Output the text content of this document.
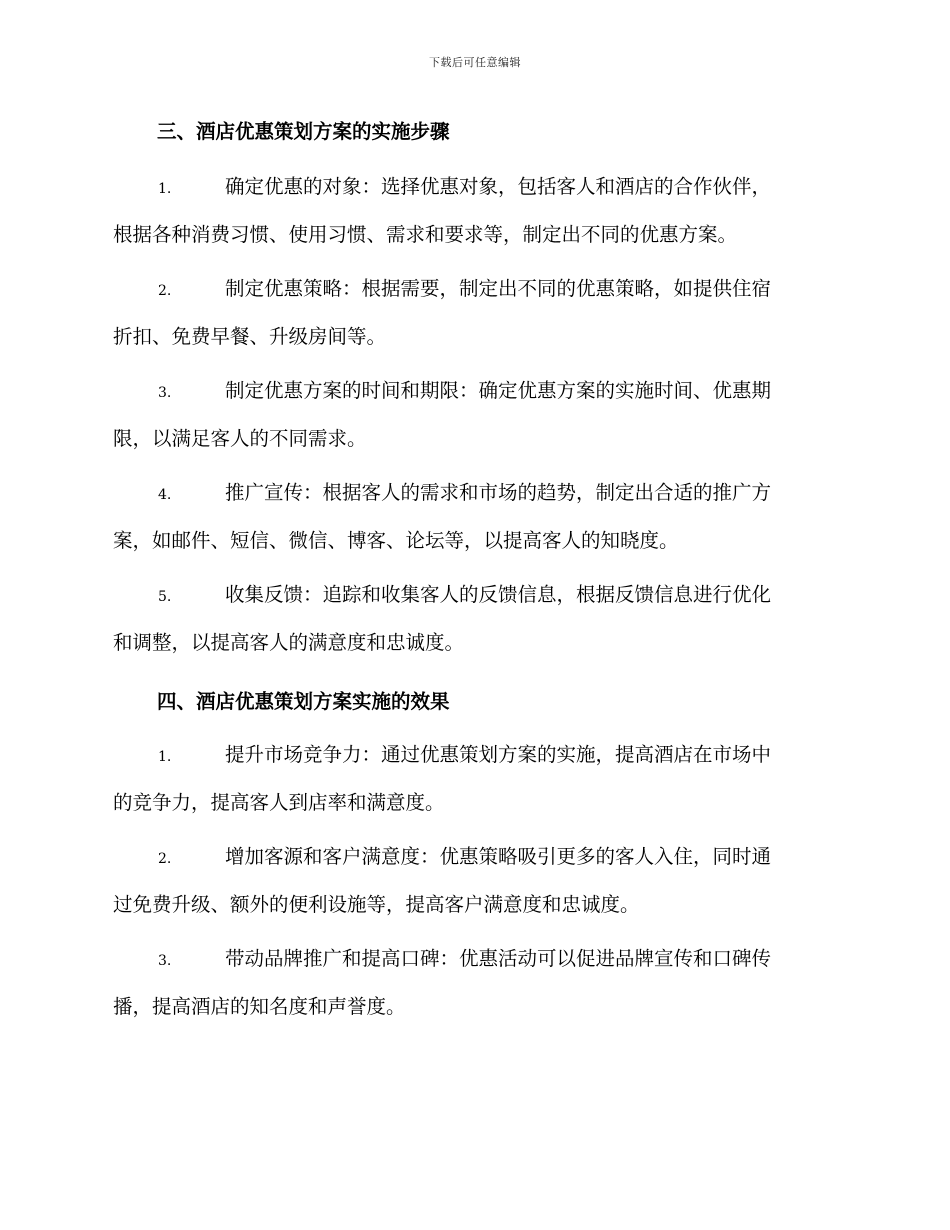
下载后可任意编辑
三、酒店优惠策划方案的实施步骤
1.	确定优惠的对象：选择优惠对象，包括客人和酒店的合作伙伴，
根据各种消费习惯、使用习惯、需求和要求等，制定出不同的优惠方案。
2.	制定优惠策略：根据需要，制定出不同的优惠策略，如提供住宿
折扣、免费早餐、升级房间等。
3.	制定优惠方案的时间和期限：确定优惠方案的实施时间、优惠期
限，以满足客人的不同需求。
4.	推广宣传：根据客人的需求和市场的趋势，制定出合适的推广方
案，如邮件、短信、微信、博客、论坛等，以提高客人的知晓度。
5.	收集反馈：追踪和收集客人的反馈信息，根据反馈信息进行优化
和调整，以提高客人的满意度和忠诚度。
四、酒店优惠策划方案实施的效果
1.	提升市场竞争力：通过优惠策划方案的实施，提高酒店在市场中
的竞争力，提高客人到店率和满意度。
2.	增加客源和客户满意度：优惠策略吸引更多的客人入住，同时通
过免费升级、额外的便利设施等，提高客户满意度和忠诚度。
3.	带动品牌推广和提高口碑：优惠活动可以促进品牌宣传和口碑传
播，提高酒店的知名度和声誉度。
